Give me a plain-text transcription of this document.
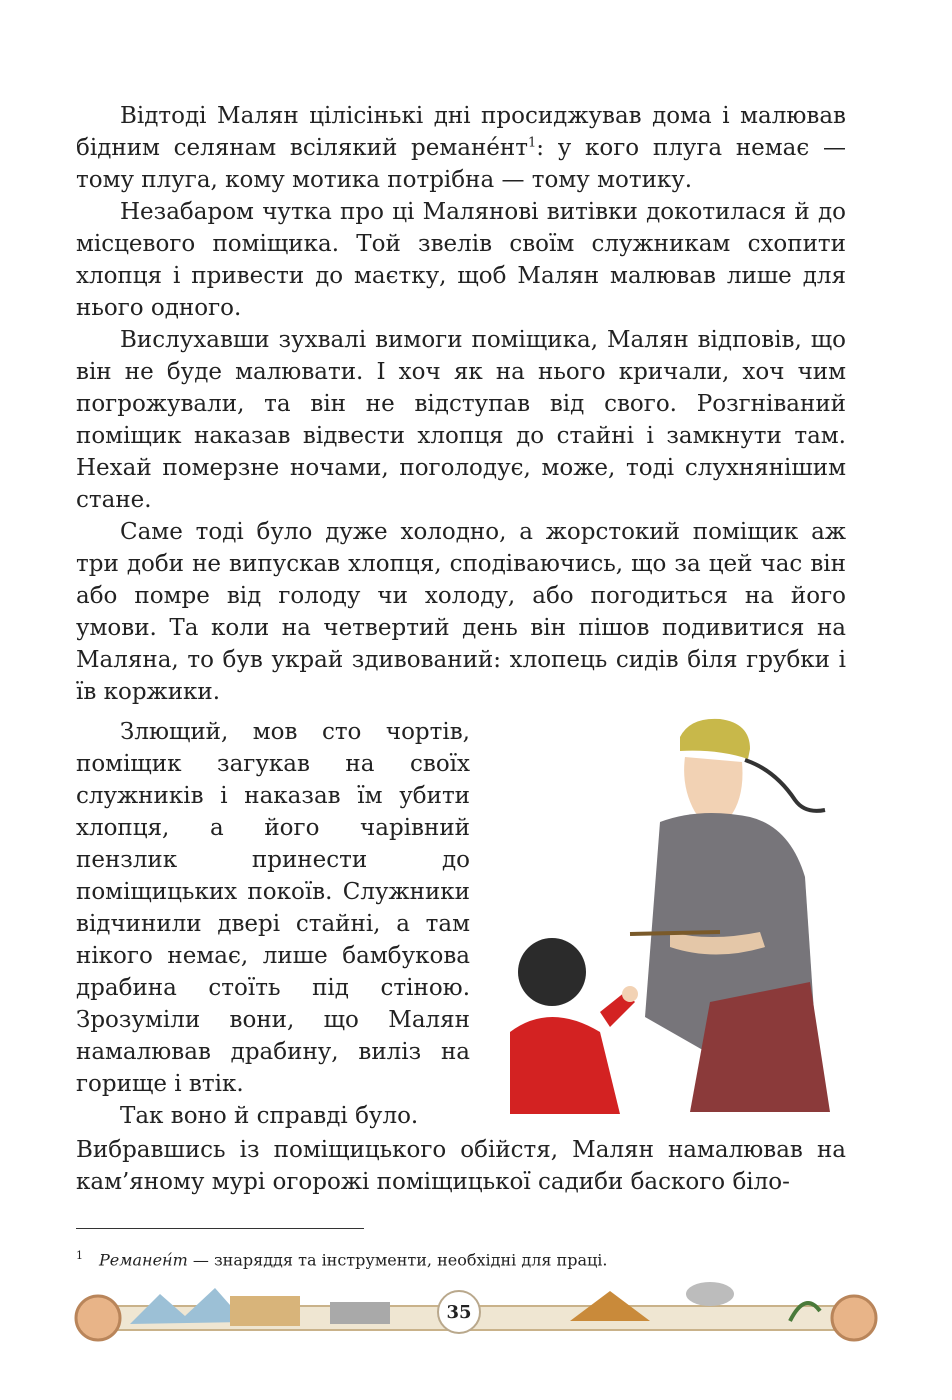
Відтоді Малян цілісінькі дні просиджував дома і малював бідним селянам всілякий ремане́нт$^1$: у кого плуга немає — тому плуга, кому мотика потрібна — тому мотику.

Незабаром чутка про ці Малянові витівки докотилася й до місцевого поміщика. Той звелів своїм служникам схопити хлопця і привести до маєтку, щоб Малян малював лише для нього одного.

Вислухавши зухвалі вимоги поміщика, Малян відповів, що він не буде малювати. І хоч як на нього кричали, хоч чим погрожували, та він не відступав від свого. Розгніваний поміщик наказав відвести хлопця до стайні і замкнути там. Нехай померзне ночами, поголодує, може, тоді слухнянішим стане.

Саме тоді було дуже холодно, а жорстокий поміщик аж три доби не випускав хлопця, сподіваючись, що за цей час він або помре від голоду чи холоду, або погодиться на його умови. Та коли на четвертий день він пішов подивитися на Маляна, то був украй здивований: хлопець сидів біля грубки і їв коржики.

Злющий, мов сто чортів, поміщик загукав на своїх служників і наказав їм убити хлопця, а його чарівний пензлик принести до поміщицьких покоїв. Служники відчинили двері стайні, а там нікого немає, лише бамбукова драбина стоїть під стіною. Зрозуміли вони, що Малян намалював драбину, виліз на горище і втік.

Так воно й справді було.

Вибравшись із поміщицького обійстя, Малян намалював на кам’яному мурі огорожі поміщицької садиби баского біло-

$^1$ Реманен́т — знаряддя та інструменти, необхідні для праці.
35
